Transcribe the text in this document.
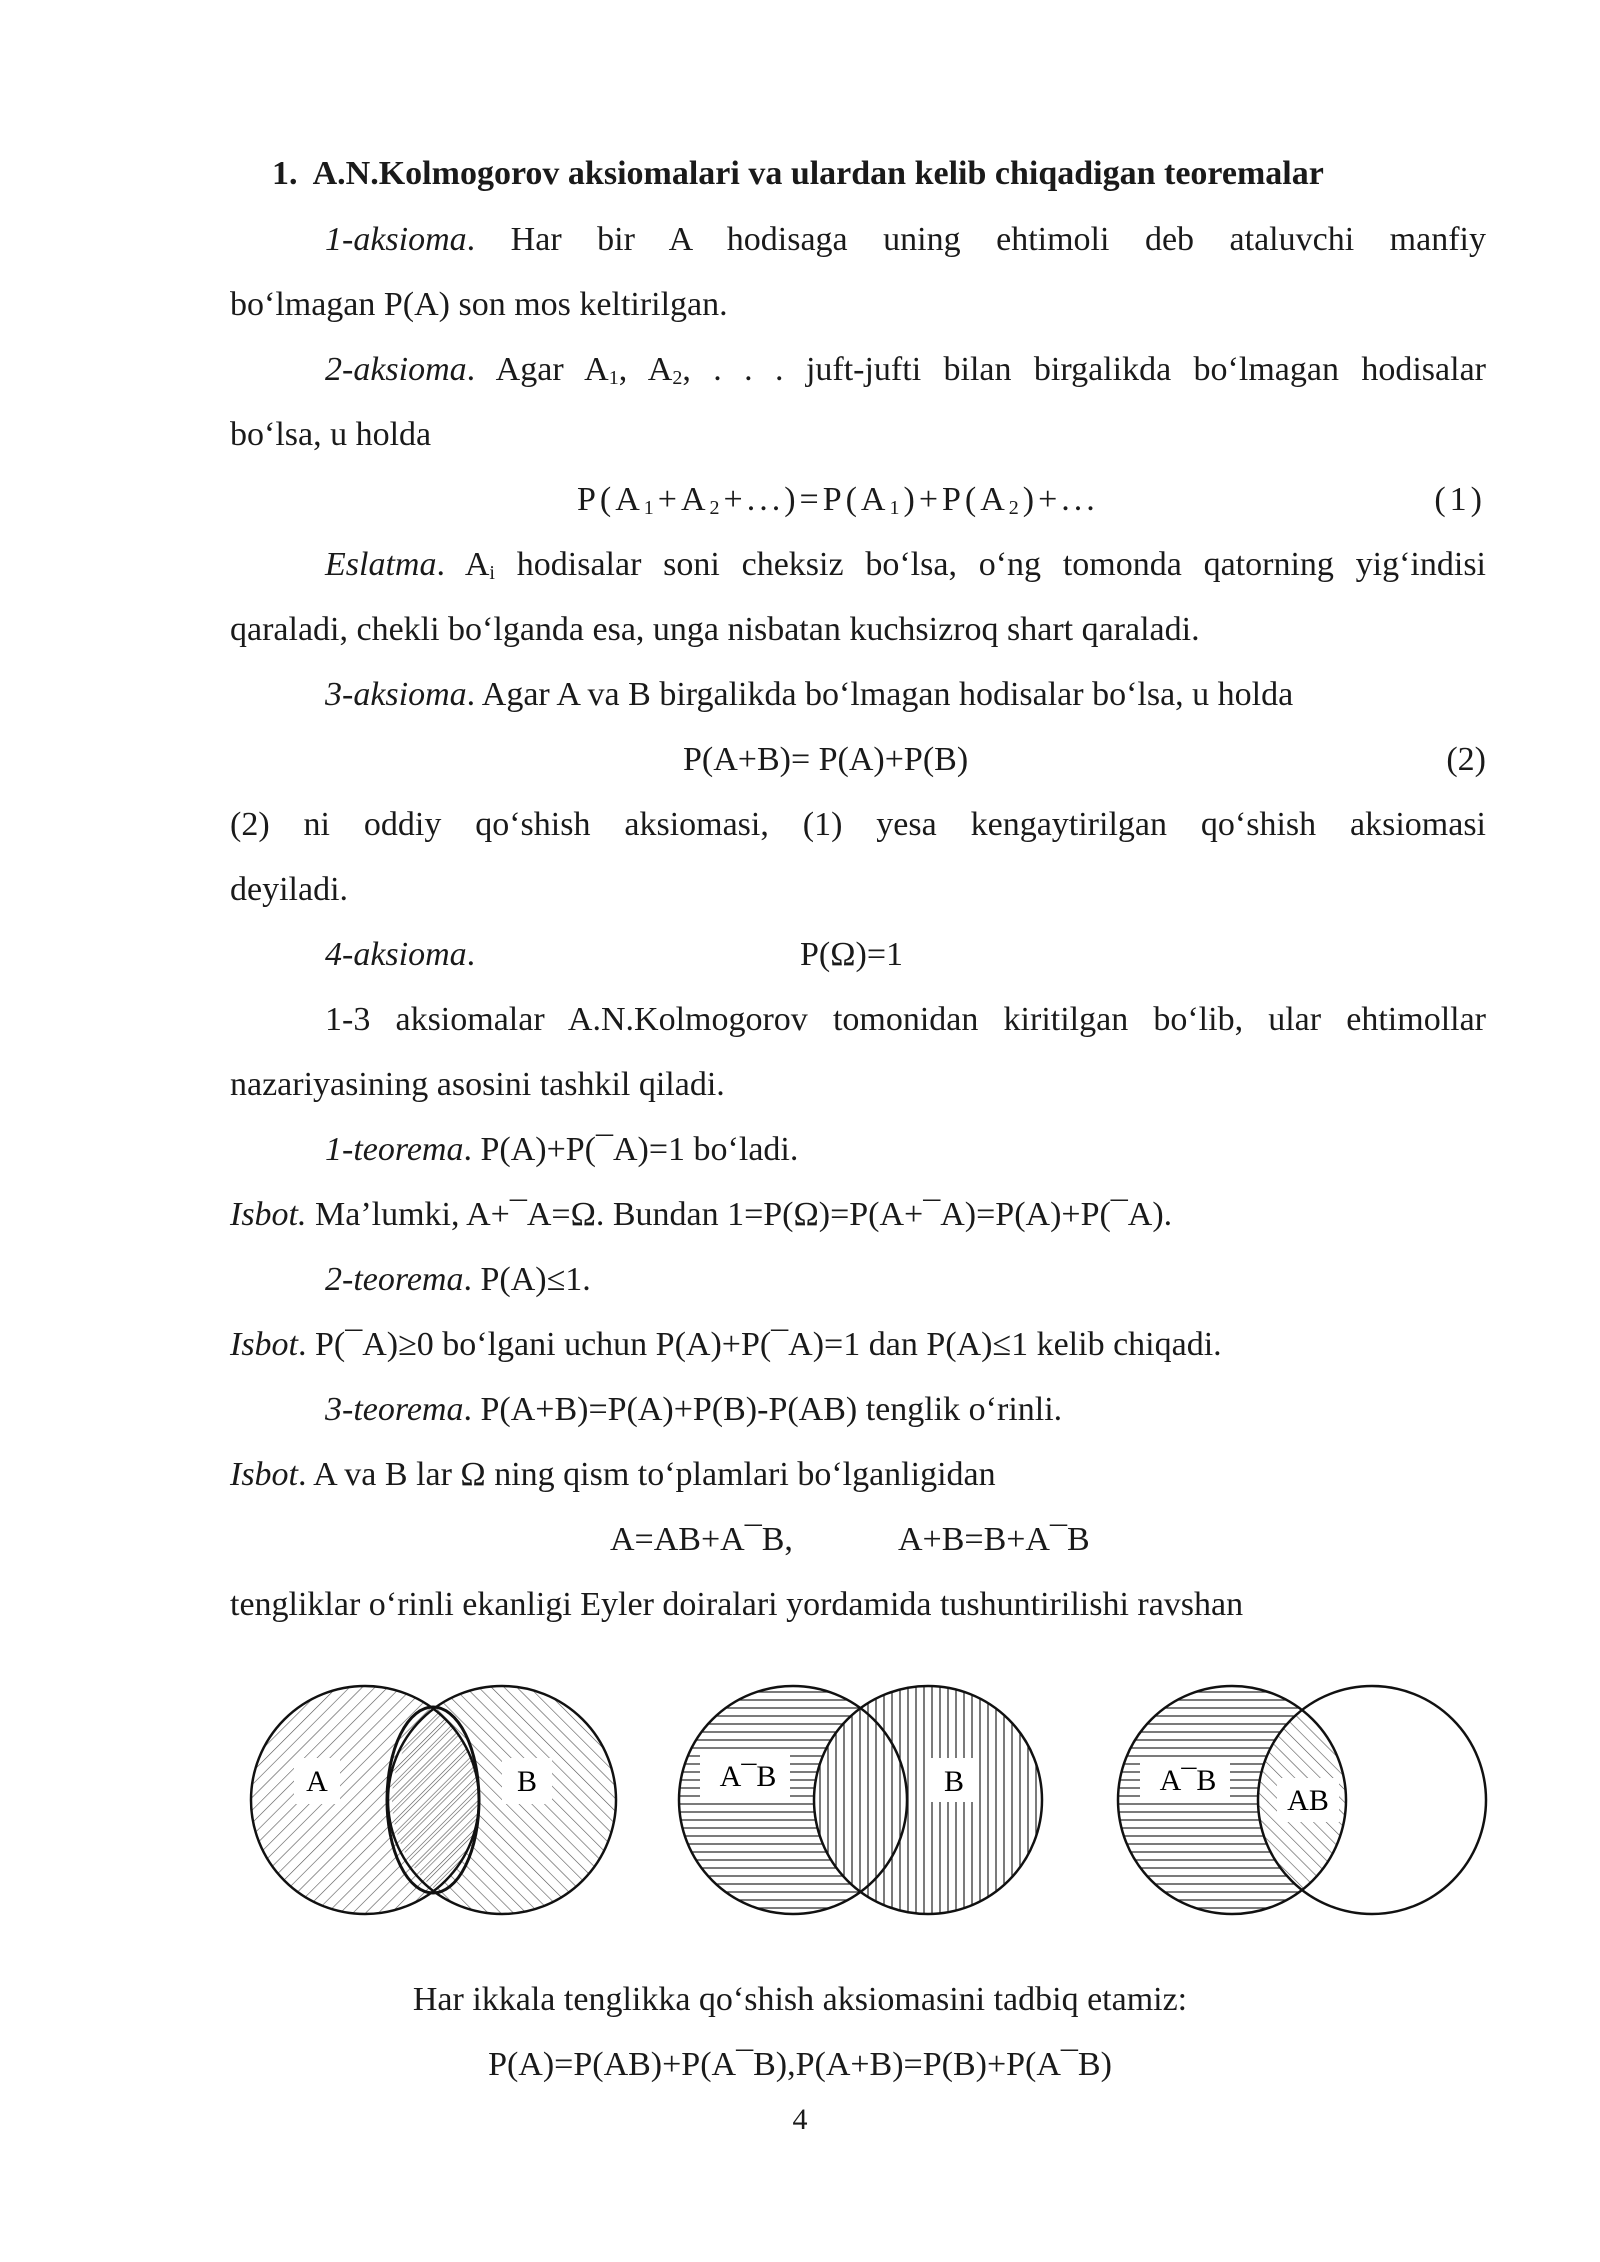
1. A.N.Kolmogorov aksiomalari va ulardan kelib chiqadigan teoremalar
1-aksioma. Har bir A hodisaga uning ehtimoli deb ataluvchi manfiy
bo‘lmagan P(A) son mos keltirilgan.
2-aksioma. Agar $A_1$, $A_2$, . . . juft-jufti bilan birgalikda bo‘lmagan hodisalar
bo‘lsa, u holda
$P(A_1+A_2+...)=P(A_1)+P(A_2)+$...	(1)
Eslatma. $A_i$ hodisalar soni cheksiz bo‘lsa, o‘ng tomonda qatorning yig‘indisi
qaraladi, chekli bo‘lganda esa, unga nisbatan kuchsizroq shart qaraladi.
3-aksioma. Agar A va B birgalikda bo‘lmagan hodisalar bo‘lsa, u holda
P(A+B)= P(A)+P(B)	(2)
(2) ni oddiy qo‘shish aksiomasi, (1) yesa kengaytirilgan qo‘shish aksiomasi
deyiladi.
4-aksioma.	P(Ω)=1
1-3 aksiomalar A.N.Kolmogorov tomonidan kiritilgan bo‘lib, ular ehtimollar
nazariyasining asosini tashkil qiladi.
1-teorema. P(A)+P(¯A)=1 bo‘ladi.
Isbot. Ma’lumki, A+¯A=Ω. Bundan 1=P(Ω)=P(A+¯A)=P(A)+P(¯A).
2-teorema. P(A)≤1.
Isbot. P(¯A)≥0 bo‘lgani uchun P(A)+P(¯A)=1 dan P(A)≤1 kelib chiqadi.
3-teorema. P(A+B)=P(A)+P(B)-P(AB) tenglik o‘rinli.
Isbot. A va B lar Ω ning qism to‘plamlari bo‘lganligidan
A=AB+A¯B,	A+B=B+A¯B
tengliklar o‘rinli ekanligi Eyler doiralari yordamida tushuntirilishi ravshan
A	B	A¯B	B	A¯B
AB
Har ikkala tenglikka qo‘shish aksiomasini tadbiq etamiz:
P(A)=P(AB)+P(A¯B),P(A+B)=P(B)+P(A¯B)
4
